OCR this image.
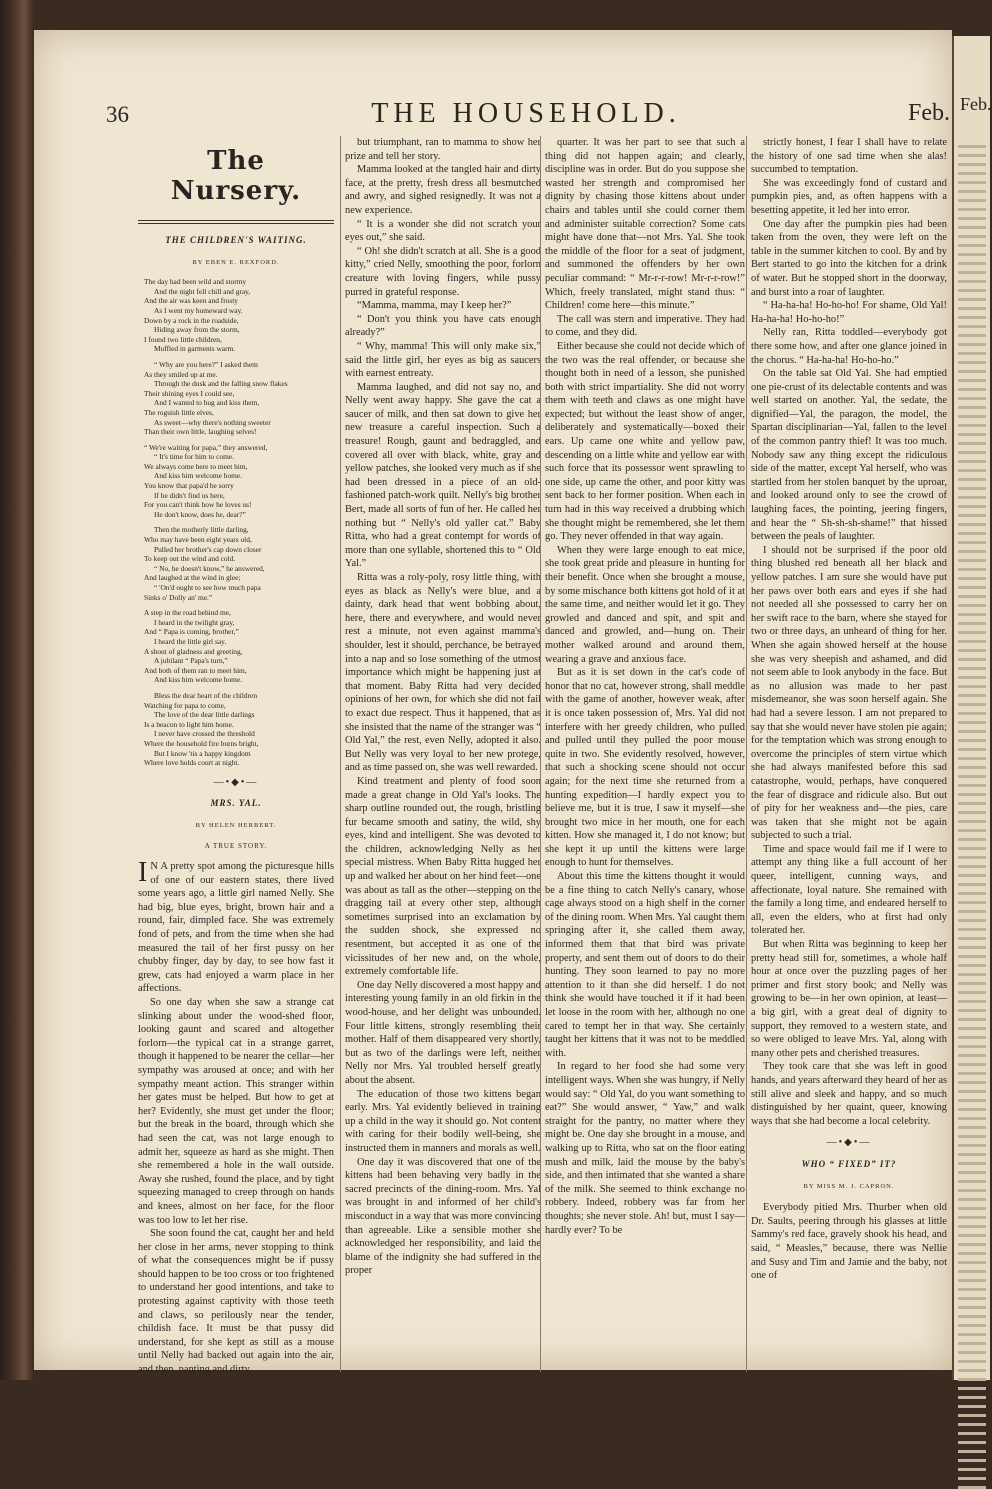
Feb.
36	THE HOUSEHOLD.	Feb.
The Nursery.
THE CHILDREN'S WAITING.
BY EBEN E. REXFORD.
The day had been wild and stormy
And the night fell chill and gray,
And the air was keen and frosty
As I went my homeward way.
Down by a rock in the roadside,
Hiding away from the storm,
I found two little children,
Muffled in garments warm.
“ Why are you here?” I asked them
As they smiled up at me.
Through the dusk and the falling snow flakes
Their shining eyes I could see,
And I wanted to hug and kiss them,
The roguish little elves,
As sweet—why there's nothing sweeter
Than their own little, laughing selves!
“ We're waiting for papa,” they answered,
“ It's time for him to come.
We always come here to meet him,
And kiss him welcome home.
You know that papa'd be sorry
If he didn't find us here,
For you can't think how he loves us!
He don't know, does he, dear?”
Then the motherly little darling,
Who may have been eight years old,
Pulled her brother's cap down closer
To keep out the wind and cold.
“ No, he doesn't know,” he answered,
And laughed at the wind in glee;
“ 'On'd ought to see how much papa
Sinks o' Dolly an' me.”
A step in the road behind me,
I heard in the twilight gray,
And “ Papa is coming, brother,”
I heard the little girl say.
A shout of gladness and greeting,
A jubilant “ Papa's turn,”
And both of them ran to meet him,
And kiss him welcome home.
Bless the dear heart of the children
Watching for papa to come,
The love of the dear little darlings
Is a beacon to light him home.
I never have crossed the threshold
Where the household fire burns bright,
But I know 'tis a happy kingdom
Where love holds court at night.
—•◆•—
MRS. YAL.
BY HELEN HERBERT.
A TRUE STORY.

I N A pretty spot among the picturesque hills of one of our eastern states, there lived some years ago, a little girl named Nelly. She had big, blue eyes, bright, brown hair and a round, fair, dimpled face. She was extremely fond of pets, and from the time when she had measured the tail of her first pussy on her chubby finger, day by day, to see how fast it grew, cats had enjoyed a warm place in her affections.

So one day when she saw a strange cat slinking about under the wood-shed floor, looking gaunt and scared and altogether forlorn—the typical cat in a strange garret, though it happened to be nearer the cellar—her sympathy was aroused at once; and with her sympathy meant action. This stranger within her gates must be helped. But how to get at her? Evidently, she must get under the floor; but the break in the board, through which she had seen the cat, was not large enough to admit her, squeeze as hard as she might. Then she remembered a hole in the wall outside. Away she rushed, found the place, and by tight squeezing managed to creep through on hands and knees, almost on her face, for the floor was too low to let her rise.

She soon found the cat, caught her and held her close in her arms, never stopping to think of what the consequences might be if pussy should happen to be too cross or too frightened to understand her good intentions, and take to protesting against captivity with those teeth and claws, so perilously near the tender, childish face. It must be that pussy did understand, for she kept as still as a mouse until Nelly had backed out again into the air, and then, panting and dirty,

but triumphant, ran to mamma to show her prize and tell her story.

Mamma looked at the tangled hair and dirty face, at the pretty, fresh dress all besmutched and awry, and sighed resignedly. It was not a new experience.

“ It is a wonder she did not scratch your eyes out,” she said.

“ Oh! she didn't scratch at all. She is a good kitty,” cried Nelly, smoothing the poor, forlorn creature with loving fingers, while pussy purred in grateful response.

“Mamma, mamma, may I keep her?”

“ Don't you think you have cats enough already?”

“ Why, mamma! This will only make six,” said the little girl, her eyes as big as saucers with earnest entreaty.

Mamma laughed, and did not say no, and Nelly went away happy. She gave the cat a saucer of milk, and then sat down to give her new treasure a careful inspection. Such a treasure! Rough, gaunt and bedraggled, and covered all over with black, white, gray and yellow patches, she looked very much as if she had been dressed in a piece of an old-fashioned patch-work quilt. Nelly's big brother Bert, made all sorts of fun of her. He called her nothing but “ Nelly's old yaller cat.” Baby Ritta, who had a great contempt for words of more than one syllable, shortened this to “ Old Yal.”

Ritta was a roly-poly, rosy little thing, with eyes as black as Nelly's were blue, and a dainty, dark head that went bobbing about, here, there and everywhere, and would never rest a minute, not even against mamma's shoulder, lest it should, perchance, be betrayed into a nap and so lose something of the utmost importance which might be happening just at that moment. Baby Ritta had very decided opinions of her own, for which she did not fail to exact due respect. Thus it happened, that as she insisted that the name of the stranger was “ Old Yal,” the rest, even Nelly, adopted it also. But Nelly was very loyal to her new protege, and as time passed on, she was well rewarded.

Kind treatment and plenty of food soon made a great change in Old Yal's looks. The sharp outline rounded out, the rough, bristling fur became smooth and satiny, the wild, shy eyes, kind and intelligent. She was devoted to the children, acknowledging Nelly as her special mistress. When Baby Ritta hugged her up and walked her about on her hind feet—one was about as tall as the other—stepping on the dragging tail at every other step, although sometimes surprised into an exclamation by the sudden shock, she expressed no resentment, but accepted it as one of the vicissitudes of her new and, on the whole, extremely comfortable life.

One day Nelly discovered a most happy and interesting young family in an old firkin in the wood-house, and her delight was unbounded. Four little kittens, strongly resembling their mother. Half of them disappeared very shortly, but as two of the darlings were left, neither Nelly nor Mrs. Yal troubled herself greatly about the absent.

The education of those two kittens began early. Mrs. Yal evidently believed in training up a child in the way it should go. Not content with caring for their bodily well-being, she instructed them in manners and morals as well.

One day it was discovered that one of the kittens had been behaving very badly in the sacred precincts of the dining-room. Mrs. Yal was brought in and informed of her child's misconduct in a way that was more convincing than agreeable. Like a sensible mother she acknowledged her responsibility, and laid the blame of the indignity she had suffered in the proper

quarter. It was her part to see that such a thing did not happen again; and clearly, discipline was in order. But do you suppose she wasted her strength and compromised her dignity by chasing those kittens about under chairs and tables until she could corner them and administer suitable correction? Some cats might have done that—not Mrs. Yal. She took the middle of the floor for a seat of judgment, and summoned the offenders by her own peculiar command: “ Mr-r-r-row! Mr-r-r-row!” Which, freely translated, might stand thus: “ Children! come here—this minute.”

The call was stern and imperative. They had to come, and they did.

Either because she could not decide which of the two was the real offender, or because she thought both in need of a lesson, she punished both with strict impartiality. She did not worry them with teeth and claws as one might have expected; but without the least show of anger, deliberately and systematically—boxed their ears. Up came one white and yellow paw, descending on a little white and yellow ear with such force that its possessor went sprawling to one side, up came the other, and poor kitty was sent back to her former position. When each in turn had in this way received a drubbing which she thought might be remembered, she let them go. They never offended in that way again.

When they were large enough to eat mice, she took great pride and pleasure in hunting for their benefit. Once when she brought a mouse, by some mischance both kittens got hold of it at the same time, and neither would let it go. They growled and danced and spit, and spit and danced and growled, and—hung on. Their mother walked around and around them, wearing a grave and anxious face.

But as it is set down in the cat's code of honor that no cat, however strong, shall meddle with the game of another, however weak, after it is once taken possession of, Mrs. Yal did not interfere with her greedy children, who pulled and pulled until they pulled the poor mouse quite in two. She evidently resolved, however, that such a shocking scene should not occur again; for the next time she returned from a hunting expedition—I hardly expect you to believe me, but it is true, I saw it myself—she brought two mice in her mouth, one for each kitten. How she managed it, I do not know; but she kept it up until the kittens were large enough to hunt for themselves.

About this time the kittens thought it would be a fine thing to catch Nelly's canary, whose cage always stood on a high shelf in the corner of the dining room. When Mrs. Yal caught them springing after it, she called them away, informed them that that bird was private property, and sent them out of doors to do their hunting. They soon learned to pay no more attention to it than she did herself. I do not think she would have touched it if it had been let loose in the room with her, although no one cared to tempt her in that way. She certainly taught her kittens that it was not to be meddled with.

In regard to her food she had some very intelligent ways. When she was hungry, if Nelly would say: “ Old Yal, do you want something to eat?” She would answer, “ Yaw,” and walk straight for the pantry, no matter where they might be. One day she brought in a mouse, and walking up to Ritta, who sat on the floor eating mush and milk, laid the mouse by the baby's side, and then intimated that she wanted a share of the milk. She seemed to think exchange no robbery. Indeed, robbery was far from her thoughts; she never stole. Ah! but, must I say—hardly ever? To be

strictly honest, I fear I shall have to relate the history of one sad time when she alas! succumbed to temptation.

She was exceedingly fond of custard and pumpkin pies, and, as often happens with a besetting appetite, it led her into error.

One day after the pumpkin pies had been taken from the oven, they were left on the table in the summer kitchen to cool. By and by Bert started to go into the kitchen for a drink of water. But he stopped short in the doorway, and burst into a roar of laughter.

“ Ha-ha-ha! Ho-ho-ho! For shame, Old Yal! Ha-ha-ha! Ho-ho-ho!”

Nelly ran, Ritta toddled—everybody got there some how, and after one glance joined in the chorus. “ Ha-ha-ha! Ho-ho-ho.”

On the table sat Old Yal. She had emptied one pie-crust of its delectable contents and was well started on another. Yal, the sedate, the dignified—Yal, the paragon, the model, the Spartan disciplinarian—Yal, fallen to the level of the common pantry thief! It was too much. Nobody saw any thing except the ridiculous side of the matter, except Yal herself, who was startled from her stolen banquet by the uproar, and looked around only to see the crowd of laughing faces, the pointing, jeering fingers, and hear the “ Sh-sh-sh-shame!” that hissed between the peals of laughter.

I should not be surprised if the poor old thing blushed red beneath all her black and yellow patches. I am sure she would have put her paws over both ears and eyes if she had not needed all she possessed to carry her on her swift race to the barn, where she stayed for two or three days, an unheard of thing for her. When she again showed herself at the house she was very sheepish and ashamed, and did not seem able to look anybody in the face. But as no allusion was made to her past misdemeanor, she was soon herself again. She had had a severe lesson. I am not prepared to say that she would never have stolen pie again; for the temptation which was strong enough to overcome the principles of stern virtue which she had always manifested before this sad catastrophe, would, perhaps, have conquered the fear of disgrace and ridicule also. But out of pity for her weakness and—the pies, care was taken that she might not be again subjected to such a trial.

Time and space would fail me if I were to attempt any thing like a full account of her queer, intelligent, cunning ways, and affectionate, loyal nature. She remained with the family a long time, and endeared herself to all, even the elders, who at first had only tolerated her.

But when Ritta was beginning to keep her pretty head still for, sometimes, a whole half hour at once over the puzzling pages of her primer and first story book; and Nelly was growing to be—in her own opinion, at least—a big girl, with a great deal of dignity to support, they removed to a western state, and so were obliged to leave Mrs. Yal, along with many other pets and cherished treasures.

They took care that she was left in good hands, and years afterward they heard of her as still alive and sleek and happy, and so much distinguished by her quaint, queer, knowing ways that she had become a local celebrity.

—•◆•—
WHO “ FIXED” IT?
BY MISS M. J. CAPRON.

Everybody pitied Mrs. Thurber when old Dr. Saults, peering through his glasses at little Sammy's red face, gravely shook his head, and said, “ Measles,” because, there was Nellie and Susy and Tim and Jamie and the baby, not one of
